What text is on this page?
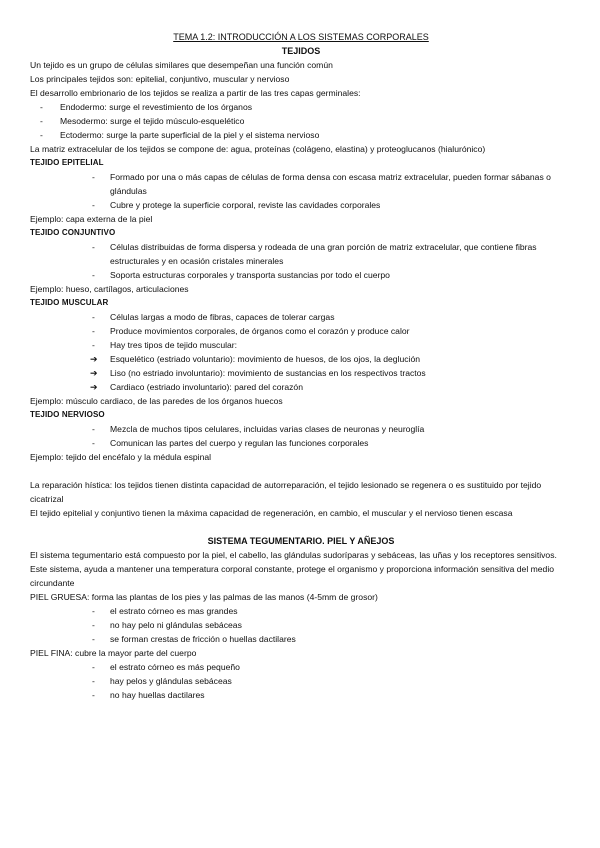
TEMA 1.2: INTRODUCCIÓN A LOS SISTEMAS CORPORALES
TEJIDOS

Un tejido es un grupo de células similares que desempeñan una función común

Los principales tejidos son: epitelial, conjuntivo, muscular y nervioso

El desarrollo embrionario de los tejidos se realiza a partir de las tres capas germinales:

- Endodermo: surge el revestimiento de los órganos
- Mesodermo: surge el tejido músculo-esquelético
- Ectodermo: surge la parte superficial de la piel y el sistema nervioso

La matriz extracelular de los tejidos se compone de: agua, proteínas (colágeno, elastina) y proteoglucanos (hialurónico)

TEJIDO EPITELIAL
- Formado por una o más capas de células de forma densa con escasa matriz extracelular, pueden formar sábanas o glándulas
- Cubre y protege la superficie corporal, reviste las cavidades corporales

Ejemplo: capa externa de la piel

TEJIDO CONJUNTIVO
- Células distribuidas de forma dispersa y rodeada de una gran porción de matriz extracelular, que contiene fibras estructurales y en ocasión cristales minerales
- Soporta estructuras corporales y transporta sustancias por todo el cuerpo

Ejemplo: hueso, cartílagos, articulaciones

TEJIDO MUSCULAR
- Células largas a modo de fibras, capaces de tolerar cargas
- Produce movimientos corporales, de órganos como el corazón y produce calor
- Hay tres tipos de tejido muscular:
➔ Esquelético (estriado voluntario): movimiento de huesos, de los ojos, la deglución
➔ Liso (no estriado involuntario): movimiento de sustancias en los respectivos tractos
➔ Cardiaco (estriado involuntario): pared del corazón

Ejemplo: músculo cardiaco, de las paredes de los órganos huecos

TEJIDO NERVIOSO
- Mezcla de muchos tipos celulares, incluidas varias clases de neuronas y neuroglía
- Comunican las partes del cuerpo y regulan las funciones corporales

Ejemplo: tejido del encéfalo y la médula espinal

La reparación hística: los tejidos tienen distinta capacidad de autorreparación, el tejido lesionado se regenera o es sustituido por tejido cicatrizal

El tejido epitelial y conjuntivo tienen la máxima capacidad de regeneración, en cambio, el muscular y el nervioso tienen escasa

SISTEMA TEGUMENTARIO. PIEL Y AÑEJOS

El sistema tegumentario está compuesto por la piel, el cabello, las glándulas sudoríparas y sebáceas, las uñas y los receptores sensitivos. Este sistema, ayuda a mantener una temperatura corporal constante, protege el organismo y proporciona información sensitiva del medio circundante

PIEL GRUESA: forma las plantas de los pies y las palmas de las manos (4-5mm de grosor)
- el estrato córneo es mas grandes
- no hay pelo ni glándulas sebáceas
- se forman crestas de fricción o huellas dactilares
PIEL FINA: cubre la mayor parte del cuerpo
- el estrato córneo es más pequeño
- hay pelos y glándulas sebáceas
- no hay huellas dactilares
